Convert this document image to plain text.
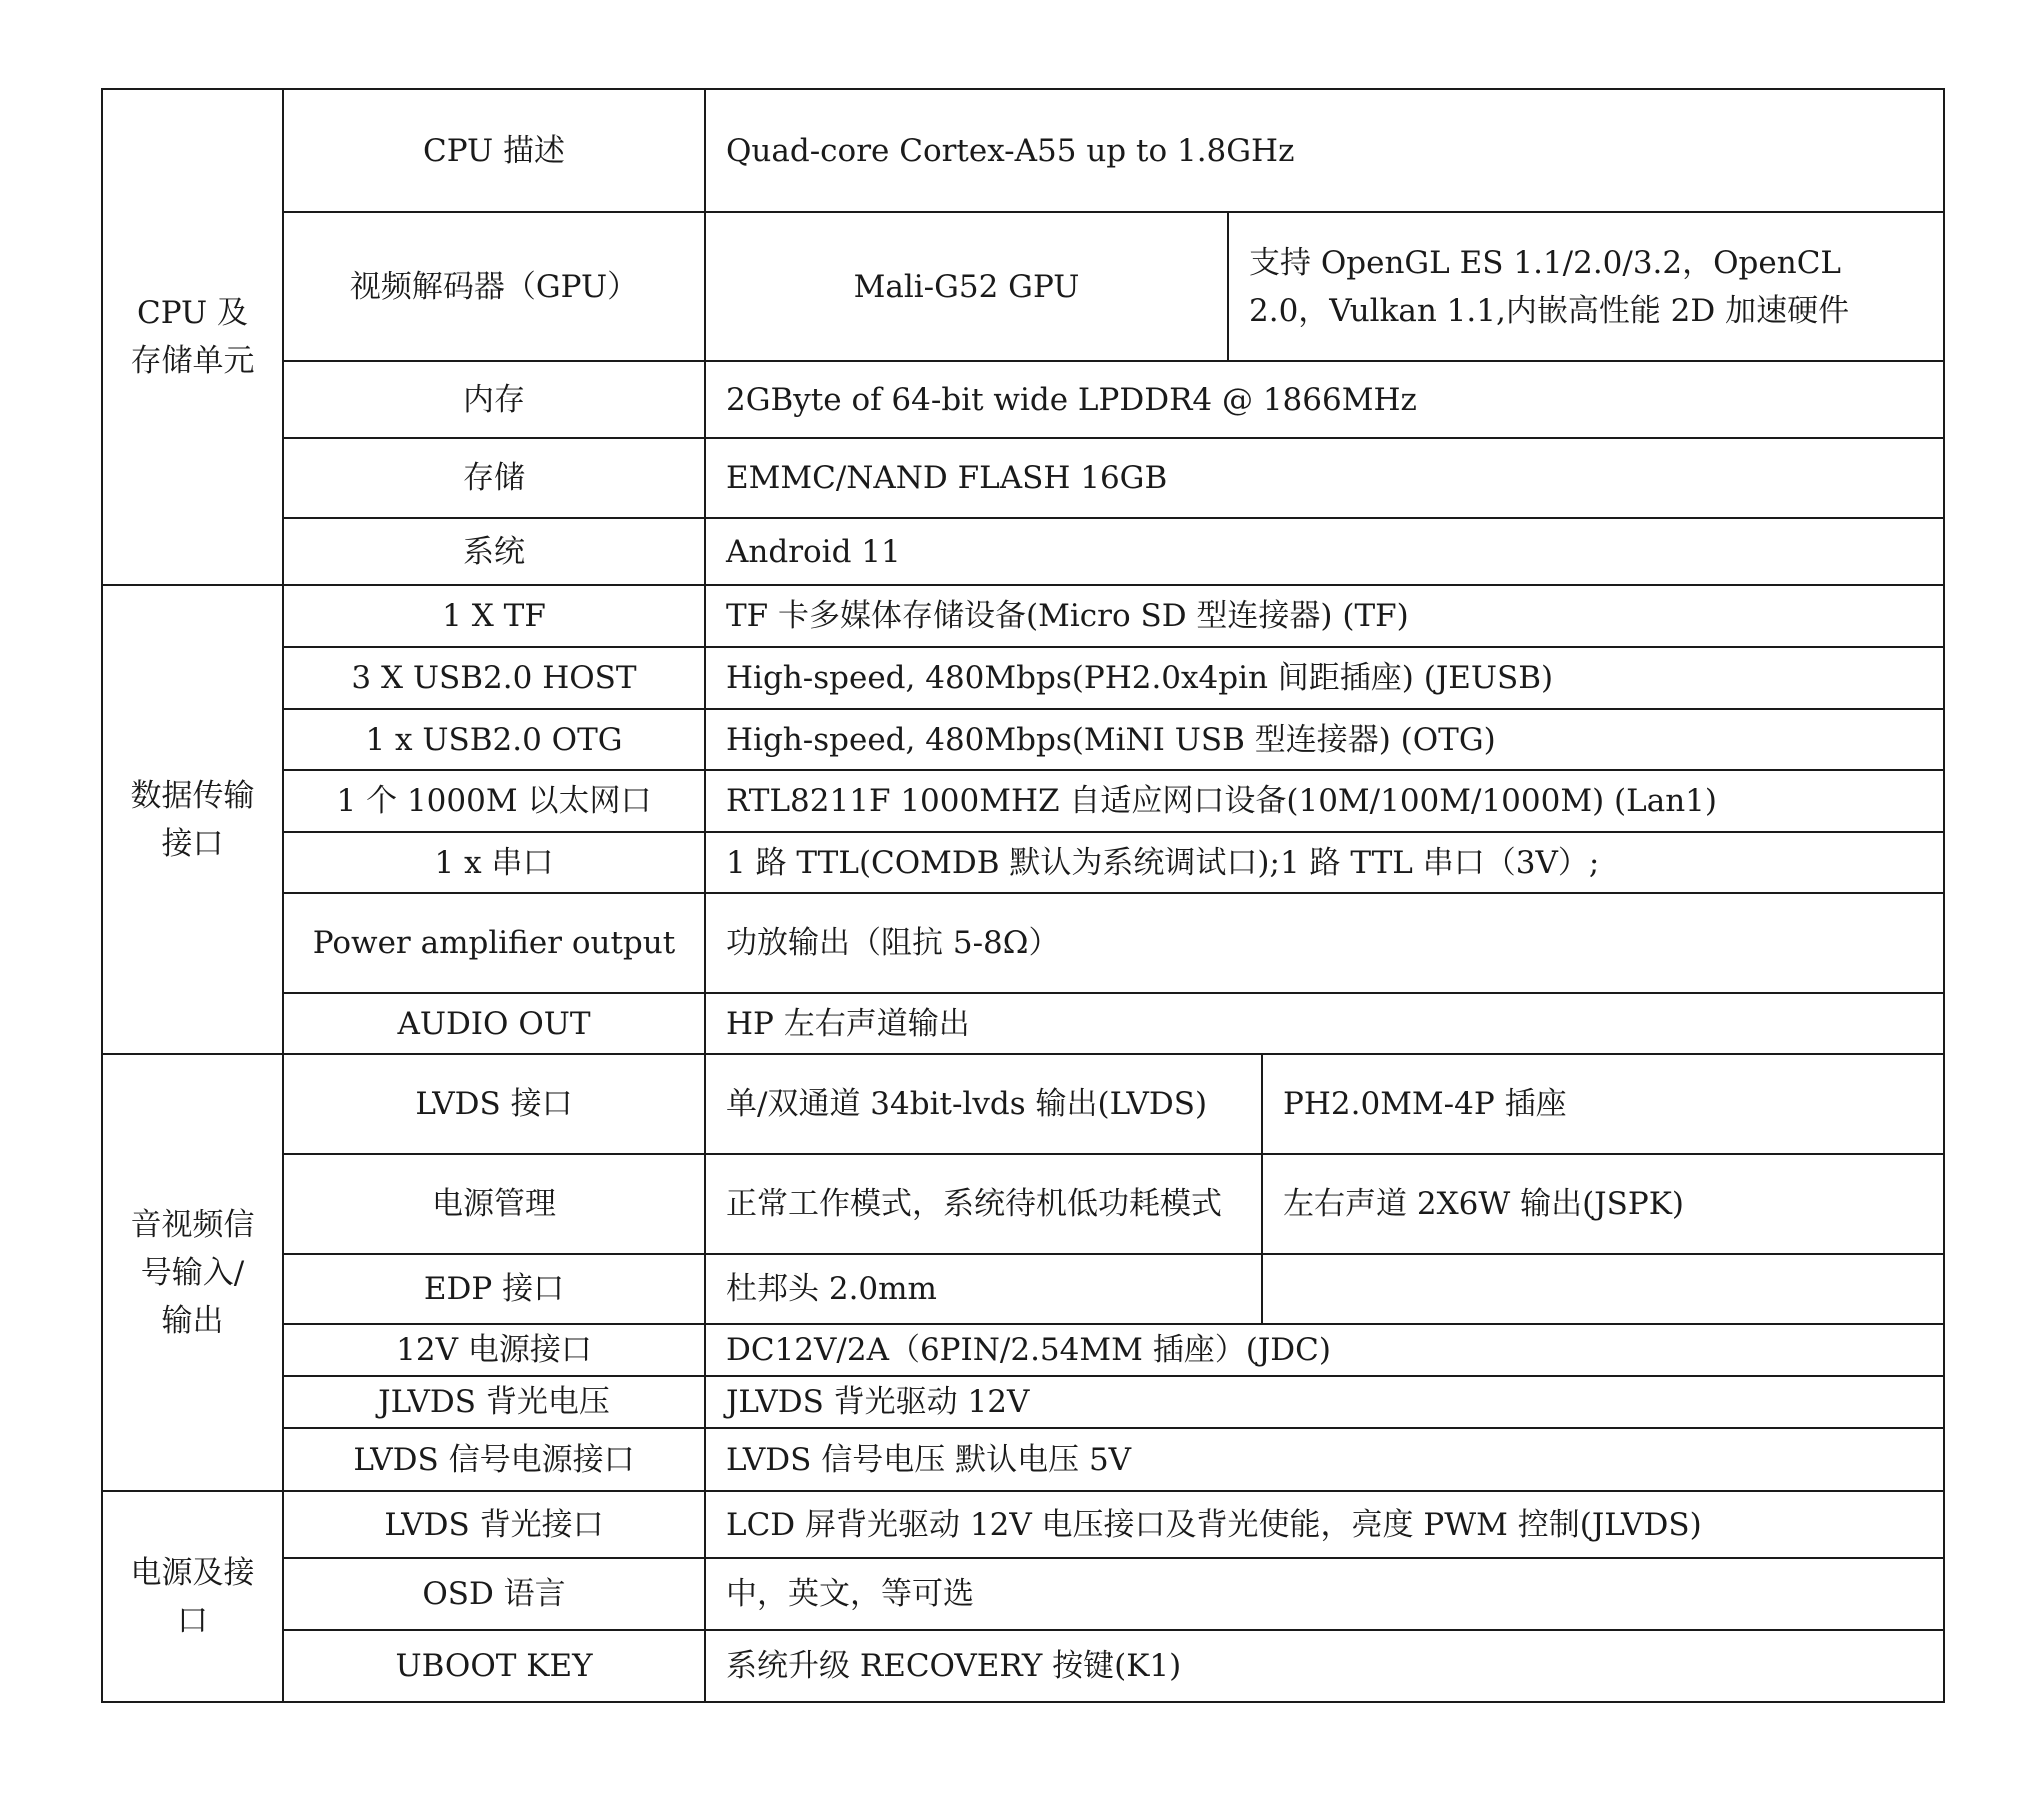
CPU 及存储单元	CPU 描述	Quad-core Cortex-A55 up to 1.8GHz		
	视频解码器（GPU）	Mali-G52 GPU	支持 OpenGL ES 1.1/2.0/3.2，OpenCL 2.0，Vulkan 1.1,内嵌高性能 2D 加速硬件	
	内存	2GByte of 64-bit wide LPDDR4 @ 1866MHz		
	存储	EMMC/NAND FLASH 16GB		
	系统	Android 11		
数据传输接口	1 X TF	TF 卡多媒体存储设备(Micro SD 型连接器) (TF)		
	3 X USB2.0 HOST	High-speed, 480Mbps(PH2.0x4pin 间距插座) (JEUSB)		
	1 x USB2.0 OTG	High-speed, 480Mbps(MiNI USB 型连接器) (OTG)		
	1 个 1000M 以太网口	RTL8211F 1000MHZ 自适应网口设备(10M/100M/1000M) (Lan1)		
	1 x 串口	1 路 TTL(COMDB 默认为系统调试口);1 路 TTL 串口（3V）;		
	Power amplifier output	功放输出（阻抗 5-8Ω）		
	AUDIO OUT	HP 左右声道输出		
音视频信号输入/输出	LVDS 接口	单/双通道 34bit-lvds 输出(LVDS)		PH2.0MM-4P 插座
	电源管理	正常工作模式，系统待机低功耗模式		左右声道 2X6W 输出(JSPK)
	EDP 接口	杜邦头 2.0mm		
	12V 电源接口	DC12V/2A（6PIN/2.54MM 插座）(JDC)		
	JLVDS 背光电压	JLVDS 背光驱动 12V		
	LVDS 信号电源接口	LVDS 信号电压 默认电压 5V		
电源及接口	LVDS 背光接口	LCD 屏背光驱动 12V 电压接口及背光使能，亮度 PWM 控制(JLVDS)		
	OSD 语言	中，英文，等可选		
	UBOOT KEY	系统升级 RECOVERY 按键(K1)		
